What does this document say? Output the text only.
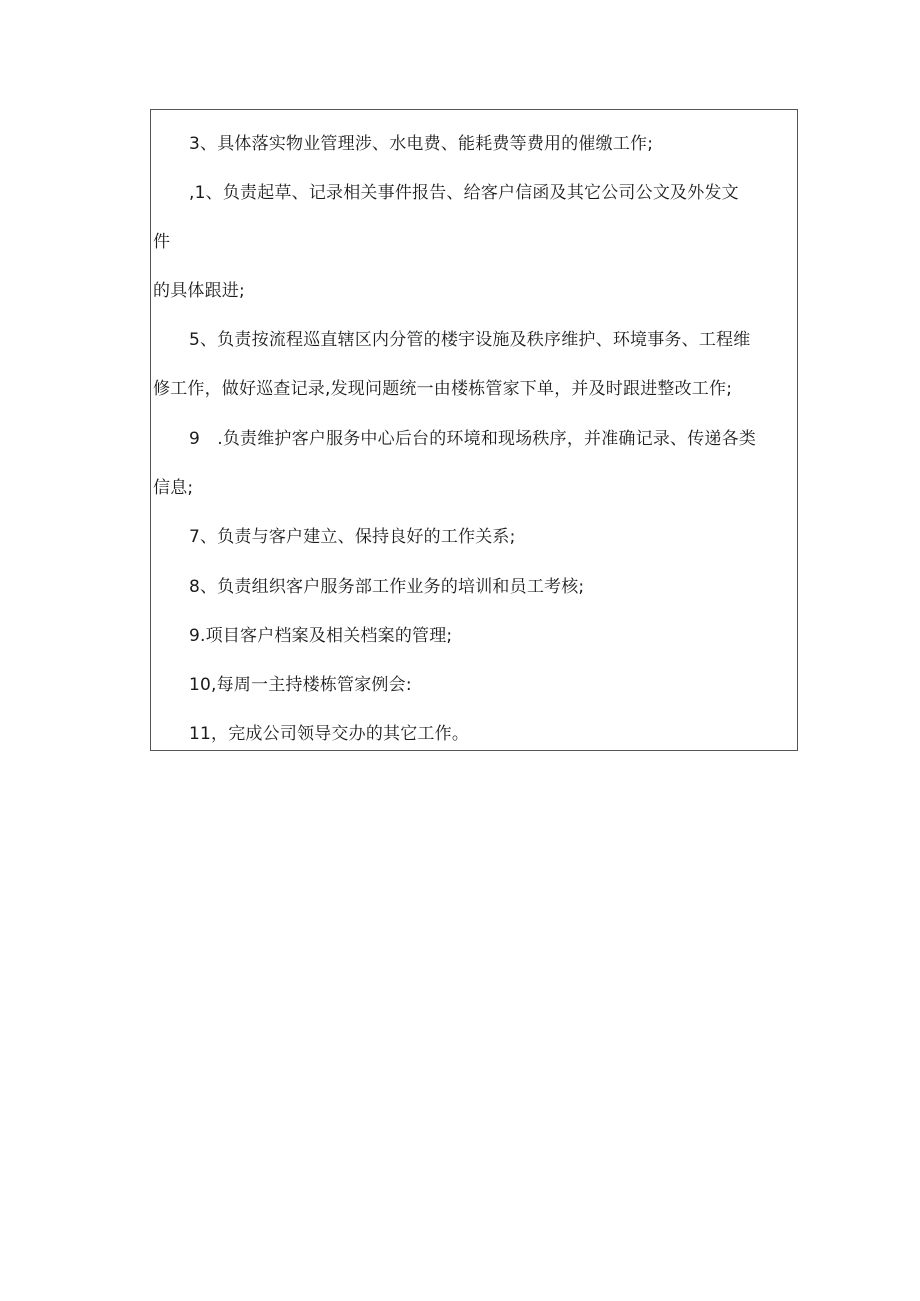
3、具体落实物业管理涉、水电费、能耗费等费用的催缴工作;
,1、负责起草、记录相关事件报告、给客户信函及其它公司公文及外发文
件
的具体跟进;
5、负责按流程巡直辖区内分管的楼宇设施及秩序维护、环境事务、工程维
修工作，做好巡查记录,发现问题统一由楼栋管家下单，并及时跟进整改工作;
9　.负责维护客户服务中心后台的环境和现场秩序，并准确记录、传递各类
信息;
7、负责与客户建立、保持良好的工作关系;
8、负责组织客户服务部工作业务的培训和员工考核;
9.项目客户档案及相关档案的管理;
10,每周一主持楼栋管家例会:
11，完成公司领导交办的其它工作。
